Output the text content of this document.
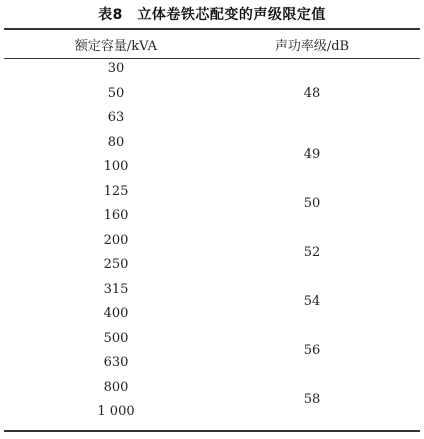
表8　立体卷铁芯配变的声级限定值
额定容量/kVA	声功率级/dB
30
50
63
80
100
125
160
200
250
315
400
500
630
800
1 000
48
49
50
52
54
56
58
